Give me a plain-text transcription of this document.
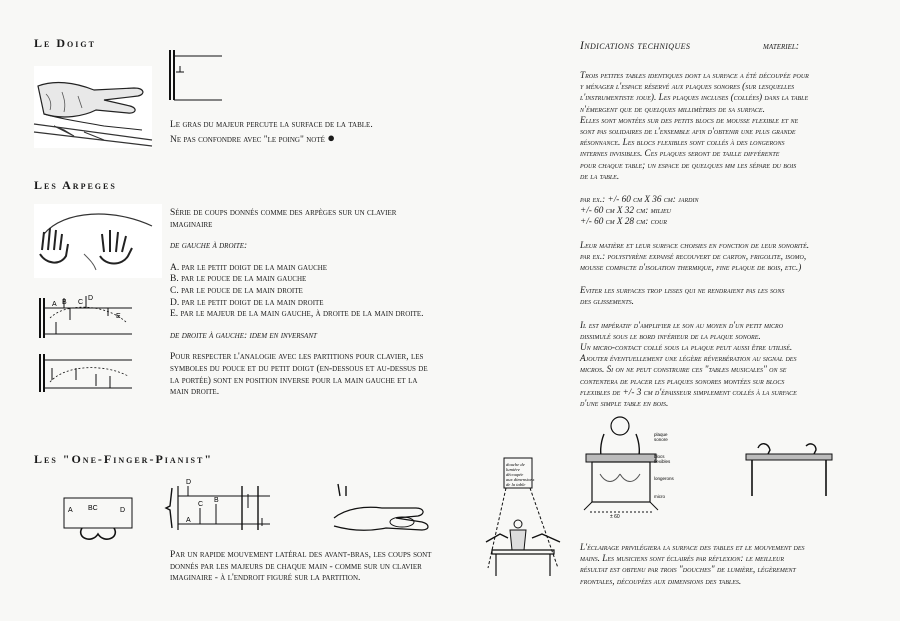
Le Doigt

Le gras du majeur percute la surface de la table.

Ne pas confondre avec "le poing" noté ●

Les Arpeges
A B C
D
E

Série de coups donnés comme des arpèges sur un clavier

imaginaire

de gauche à droite:

A. par le petit doigt de la main gauche

B. par le pouce de la main gauche

C. par le pouce de la main droite

D. par le petit doigt de la main droite

E. par le majeur de la main gauche, à droite de la main droite.

de droite à gauche: idem en inversant

Pour respecter l'analogie avec les partitions pour clavier, les

symboles du pouce et du petit doigt (en-dessous et au-dessus de

la portée) sont en position inverse pour la main gauche et la

main droite.

Les "One-Finger-Pianist"
A BC	D
D
C
B
A

Par un rapide mouvement latéral des avant-bras, les coups sont

donnés par les majeurs de chaque main - comme sur un clavier

imaginaire - à l'endroit figuré sur la partition.

Indications techniques	materiel:

Trois petites tables identiques dont la surface a été découpée pour

y ménager l'espace réservé aux plaques sonores (sur lesquelles

l'instrumentiste joue). Les plaques incluses (collées) dans la table

n'émergent que de quelques millimètres de sa surface.

Elles sont montées sur des petits blocs de mousse flexible et ne

sont pas solidaires de l'ensemble afin d'obtenir une plus grande

résonnance. Les blocs flexibles sont collés à des longerons

internes invisibles. Ces plaques seront de taille différente

pour chaque table; un espace de quelques mm les sépare du bois

de la table.

par ex.: +/- 60 cm X 36 cm: jardin

+/- 60 cm X 32 cm: milieu

+/- 60 cm X 28 cm: cour

Leur matière et leur surface choisies en fonction de leur sonorité.

par ex.: polystyrène expansé recouvert de carton, frigolite, isomo,

mousse compacte d'isolation thermique, fine plaque de bois, etc.)

Eviter les surfaces trop lisses qui ne rendraient pas les sons

des glissements.

Il est impératif d'amplifier le son au moyen d'un petit micro

dissimulé sous le bord inférieur de la plaque sonore.

Un micro-contact collé sous la plaque peut aussi être utilisé.

Ajouter éventuellement une légère réverbération au signal des

micros. Si on ne peut construire ces "tables musicales" on se

contentera de placer les plaques sonores montées sur blocs

flexibles de +/- 3 cm d'épaisseur simplement collés à la surface

d'une simple table en bois.

douche de
lumière
découpée
aux dimensions
de la table
± 60
plaque
sonore
blocs
flexibles
longerons
micro

L'éclairage privilégiera la surface des tables et le mouvement des

mains. Les musiciens sont éclairés par réflexion: le meilleur

résultat est obtenu par trois "douches" de lumière, légèrement

frontales, découpées aux dimensions des tables.
